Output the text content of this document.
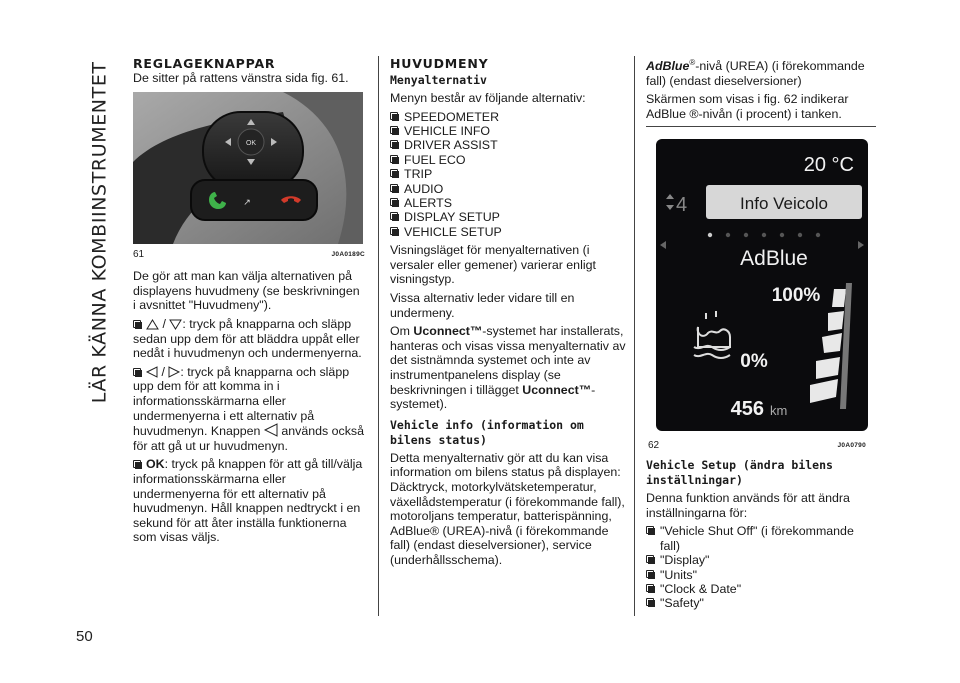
LÄR KÄNNA KOMBIINSTRUMENTET REGLAGEKNAPPAR

De sitter på rattens vänstra sida fig. 61.

OK
↗
61	J0A0189C

De gör att man kan välja alternativen på displayens huvudmeny (se beskrivningen i avsnittet "Huvudmeny").

/ : tryck på knapparna och släpp sedan upp dem för att bläddra uppåt eller nedåt i huvudmenyn och undermenyerna.

/ : tryck på knapparna och släpp upp dem för att komma in i informationsskärmarna eller undermenyerna i ett alternativ på

huvudmenyn. Knappen används också för att gå ut ur huvudmenyn.

OK: tryck på knappen för att gå till/välja informationsskärmarna eller undermenyerna för ett alternativ på huvudmenyn. Håll knappen nedtryckt i en sekund för att åter inställa funktionerna som visas väljs.

HUVUDMENY
Menyalternativ

Menyn består av följande alternativ:

SPEEDOMETER
VEHICLE INFO
DRIVER ASSIST
FUEL ECO
TRIP
AUDIO
ALERTS
DISPLAY SETUP
VEHICLE SETUP

Visningsläget för menyalternativen (i versaler eller gemener) varierar enligt visningstyp.

Vissa alternativ leder vidare till en undermeny.

Om Uconnect™-systemet har installerats, hanteras och visas vissa menyalternativ av det sistnämnda systemet och inte av instrumentpanelens display (se beskrivningen i tillägget Uconnect™-systemet).

Vehicle info (information om bilens status)

Detta menyalternativ gör att du kan visa information om bilens status på displayen: Däcktryck, motorkylvätsketemperatur, växellådstemperatur (i förekommande fall), motoroljans temperatur, batterispänning, AdBlue® (UREA)-nivå (i förekommande fall) (endast dieselversioner), service (underhållsschema).

AdBlue®-nivå (UREA) (i förekommande fall) (endast dieselversioner)

Skärmen som visas i fig. 62 indikerar AdBlue ®-nivån (i procent) i tanken.

20 °C
Info Veicolo
4
AdBlue
100%
0%
456 km
62	J0A0790
Vehicle Setup (ändra bilens inställningar)

Denna funktion används för att ändra inställningarna för:

"Vehicle Shut Off" (i förekommande fall)
"Display"
"Units"
"Clock & Date"
"Safety"
50
